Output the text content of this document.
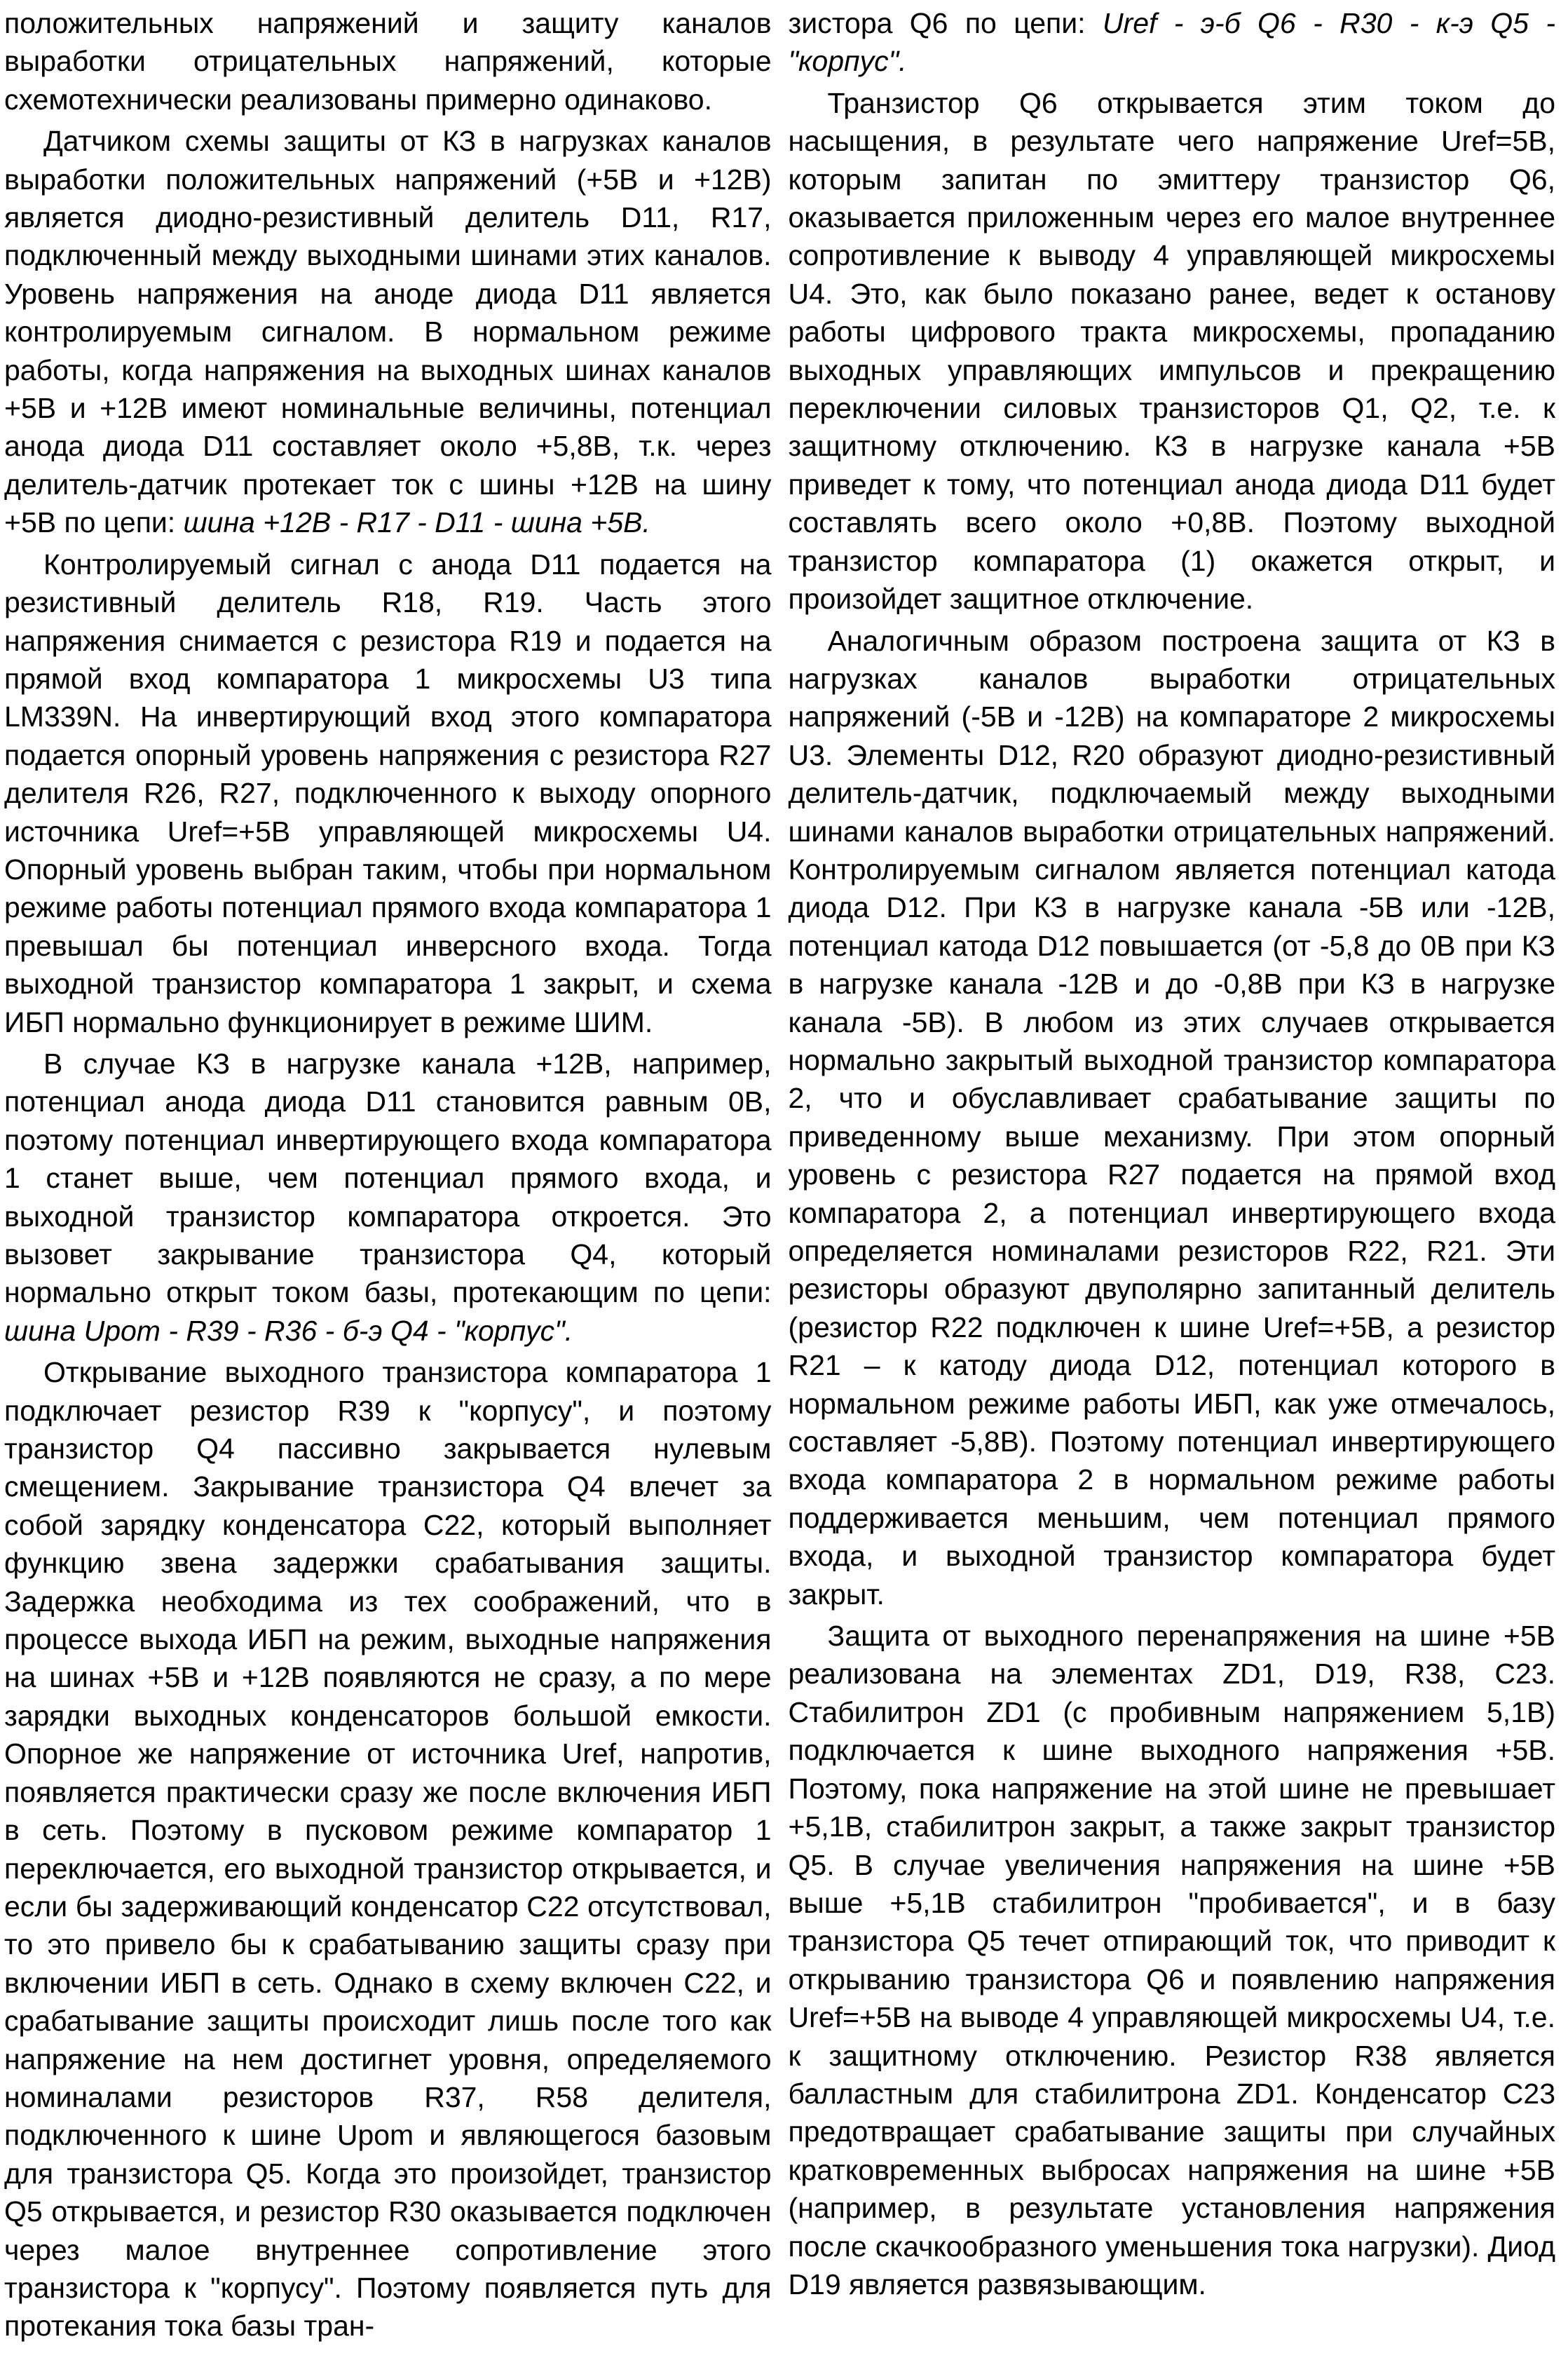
положительных напряжений и защиту каналов выработки отрицательных напряжений, которые схемотехнически реализованы примерно одинаково.

Датчиком схемы защиты от КЗ в нагрузках каналов выработки положительных напряжений (+5В и +12В) является диодно-резистивный делитель D11, R17, подключенный между выходными шинами этих каналов. Уровень напряжения на аноде диода D11 является контролируемым сигналом. В нормальном режиме работы, когда напряжения на выходных шинах каналов +5В и +12В имеют номинальные величины, потенциал анода диода D11 составляет около +5,8В, т.к. через делитель-датчик протекает ток с шины +12В на шину +5В по цепи: шина +12В - R17 - D11 - шина +5В.

Контролируемый сигнал с анода D11 подается на резистивный делитель R18, R19. Часть этого напряжения снимается с резистора R19 и подается на прямой вход компаратора 1 микросхемы U3 типа LM339N. На инвертирующий вход этого компаратора подается опорный уровень напряжения с резистора R27 делителя R26, R27, подключенного к выходу опорного источника Uref=+5В управляющей микросхемы U4. Опорный уровень выбран таким, чтобы при нормальном режиме работы потенциал прямого входа компаратора 1 превышал бы потенциал инверсного входа. Тогда выходной транзистор компаратора 1 закрыт, и схема ИБП нормально функционирует в режиме ШИМ.

В случае КЗ в нагрузке канала +12В, например, потенциал анода диода D11 становится равным 0В, поэтому потенциал инвертирующего входа компаратора 1 станет выше, чем потенциал прямого входа, и выходной транзистор компаратора откроется. Это вызовет закрывание транзистора Q4, который нормально открыт током базы, протекающим по цепи: шина Upom - R39 - R36 - б-э Q4 - "корпус".

Открывание выходного транзистора компаратора 1 подключает резистор R39 к "корпусу", и поэтому транзистор Q4 пассивно закрывается нулевым смещением. Закрывание транзистора Q4 влечет за собой зарядку конденсатора C22, который выполняет функцию звена задержки срабатывания защиты. Задержка необходима из тех соображений, что в процессе выхода ИБП на режим, выходные напряжения на шинах +5В и +12В появляются не сразу, а по мере зарядки выходных конденсаторов большой емкости. Опорное же напряжение от источника Uref, напротив, появляется практически сразу же после включения ИБП в сеть. Поэтому в пусковом режиме компаратор 1 переключается, его выходной транзистор открывается, и если бы задерживающий конденсатор C22 отсутствовал, то это привело бы к срабатыванию защиты сразу при включении ИБП в сеть. Однако в схему включен C22, и срабатывание защиты происходит лишь после того как напряжение на нем достигнет уровня, определяемого номиналами резисторов R37, R58 делителя, подключенного к шине Upom и являющегося базовым для транзистора Q5. Когда это произойдет, транзистор Q5 открывается, и резистор R30 оказывается подключен через малое внутреннее сопротивление этого транзистора к "корпусу". Поэтому появляется путь для протекания тока базы тран-

зистора Q6 по цепи: Uref - э-б Q6 - R30 - к-э Q5 - "корпус".

Транзистор Q6 открывается этим током до насыщения, в результате чего напряжение Uref=5В, которым запитан по эмиттеру транзистор Q6, оказывается приложенным через его малое внутреннее сопротивление к выводу 4 управляющей микросхемы U4. Это, как было показано ранее, ведет к останову работы цифрового тракта микросхемы, пропаданию выходных управляющих импульсов и прекращению переключении силовых транзисторов Q1, Q2, т.е. к защитному отключению. КЗ в нагрузке канала +5В приведет к тому, что потенциал анода диода D11 будет составлять всего около +0,8В. Поэтому выходной транзистор компаратора (1) окажется открыт, и произойдет защитное отключение.

Аналогичным образом построена защита от КЗ в нагрузках каналов выработки отрицательных напряжений (-5В и -12В) на компараторе 2 микросхемы U3. Элементы D12, R20 образуют диодно-резистивный делитель-датчик, подключаемый между выходными шинами каналов выработки отрицательных напряжений. Контролируемым сигналом является потенциал катода диода D12. При КЗ в нагрузке канала -5В или -12В, потенциал катода D12 повышается (от -5,8 до 0В при КЗ в нагрузке канала -12В и до -0,8В при КЗ в нагрузке канала -5В). В любом из этих случаев открывается нормально закрытый выходной транзистор компаратора 2, что и обуславливает срабатывание защиты по приведенному выше механизму. При этом опорный уровень с резистора R27 подается на прямой вход компаратора 2, а потенциал инвертирующего входа определяется номиналами резисторов R22, R21. Эти резисторы образуют двуполярно запитанный делитель (резистор R22 подключен к шине Uref=+5В, а резистор R21 – к катоду диода D12, потенциал которого в нормальном режиме работы ИБП, как уже отмечалось, составляет -5,8В). Поэтому потенциал инвертирующего входа компаратора 2 в нормальном режиме работы поддерживается меньшим, чем потенциал прямого входа, и выходной транзистор компаратора будет закрыт.

Защита от выходного перенапряжения на шине +5В реализована на элементах ZD1, D19, R38, C23. Стабилитрон ZD1 (с пробивным напряжением 5,1В) подключается к шине выходного напряжения +5В. Поэтому, пока напряжение на этой шине не превышает +5,1В, стабилитрон закрыт, а также закрыт транзистор Q5. В случае увеличения напряжения на шине +5В выше +5,1В стабилитрон "пробивается", и в базу транзистора Q5 течет отпирающий ток, что приводит к открыванию транзистора Q6 и появлению напряжения Uref=+5В на выводе 4 управляющей микросхемы U4, т.е. к защитному отключению. Резистор R38 является балластным для стабилитрона ZD1. Конденсатор C23 предотвращает срабатывание защиты при случайных кратковременных выбросах напряжения на шине +5В (например, в результате установления напряжения после скачкообразного уменьшения тока нагрузки). Диод D19 является развязывающим.
